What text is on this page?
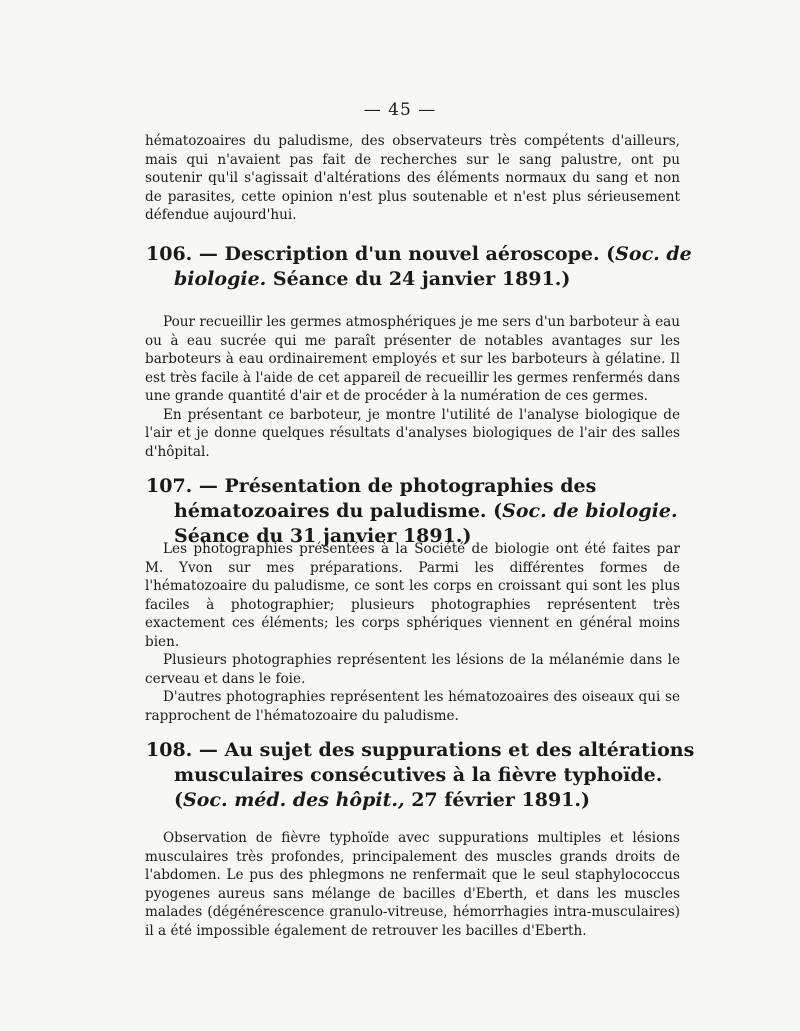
— 45 —

hématozoaires du paludisme, des observateurs très compétents d'ailleurs, mais qui n'avaient pas fait de recherches sur le sang palustre, ont pu soutenir qu'il s'agissait d'altérations des éléments normaux du sang et non de parasites, cette opinion n'est plus soutenable et n'est plus sérieusement défendue aujourd'hui.

106. — Description d'un nouvel aéroscope. (Soc. de biologie. Séance du 24 janvier 1891.)

Pour recueillir les germes atmosphériques je me sers d'un barboteur à eau ou à eau sucrée qui me paraît présenter de notables avantages sur les barboteurs à eau ordinairement employés et sur les barboteurs à gélatine. Il est très facile à l'aide de cet appareil de recueillir les germes renfermés dans une grande quantité d'air et de procéder à la numération de ces germes.

En présentant ce barboteur, je montre l'utilité de l'analyse biologique de l'air et je donne quelques résultats d'analyses biologiques de l'air des salles d'hôpital.

107. — Présentation de photographies des hématozoaires du paludisme. (Soc. de biologie. Séance du 31 janvier 1891.)

Les photographies présentées à la Société de biologie ont été faites par M. Yvon sur mes préparations. Parmi les différentes formes de l'hématozoaire du paludisme, ce sont les corps en croissant qui sont les plus faciles à photographier; plusieurs photographies représentent très exactement ces éléments; les corps sphériques viennent en général moins bien.

Plusieurs photographies représentent les lésions de la mélanémie dans le cerveau et dans le foie.

D'autres photographies représentent les hématozoaires des oiseaux qui se rapprochent de l'hématozoaire du paludisme.

108. — Au sujet des suppurations et des altérations musculaires consécutives à la fièvre typhoïde. (Soc. méd. des hôpit., 27 février 1891.)

Observation de fièvre typhoïde avec suppurations multiples et lésions musculaires très profondes, principalement des muscles grands droits de l'abdomen. Le pus des phlegmons ne renfermait que le seul staphylococcus pyogenes aureus sans mélange de bacilles d'Eberth, et dans les muscles malades (dégénérescence granulo-vitreuse, hémorrhagies intra-musculaires) il a été impossible également de retrouver les bacilles d'Eberth.
